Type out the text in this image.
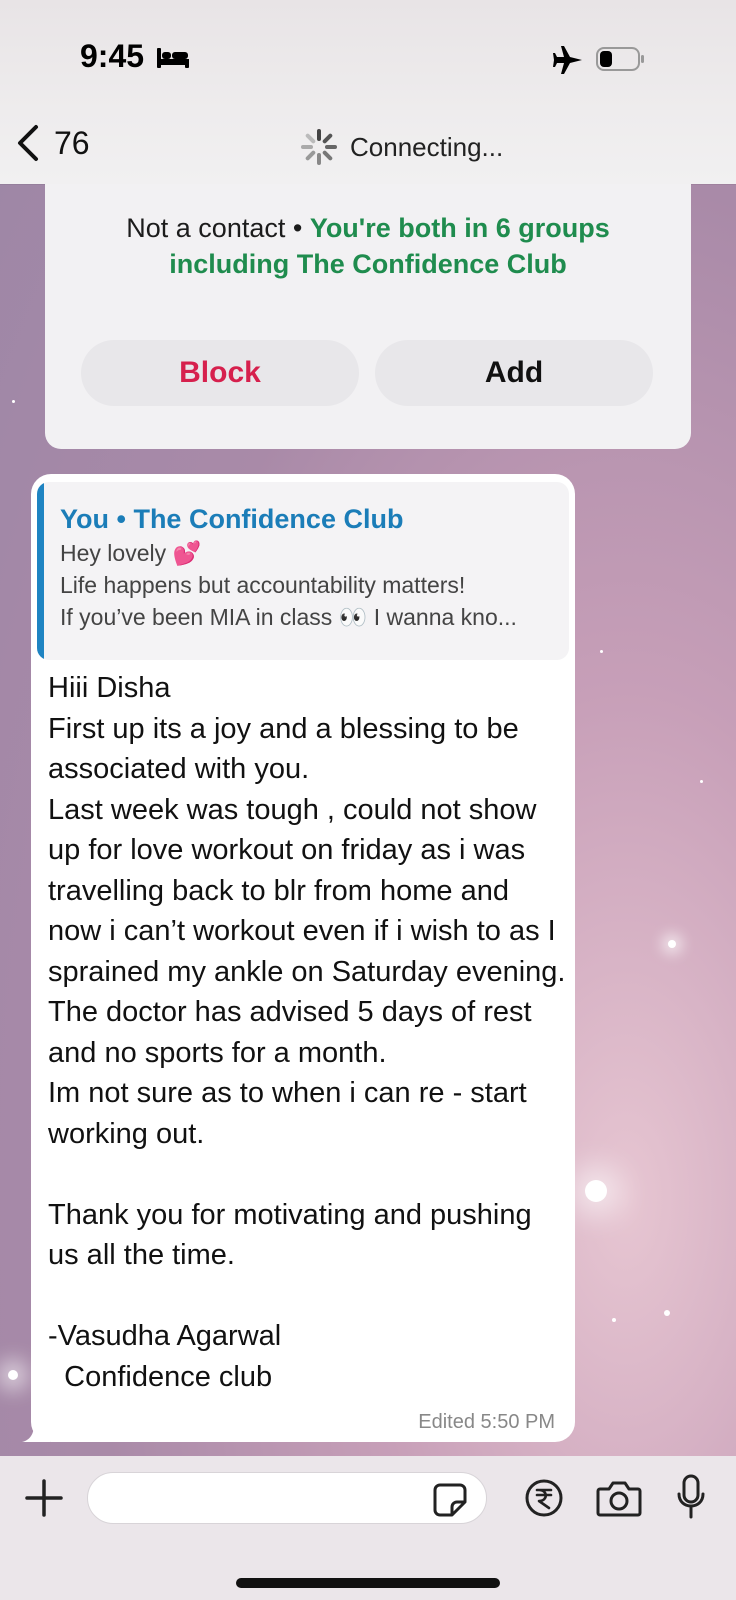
9:45
76	Connecting...
Not a contact • You're both in 6 groups including The Confidence Club
Block	Add
You • The Confidence Club
Hey lovely 💕
Life happens but accountability matters!
If you’ve been MIA in class 👀 I wanna kno...
Hiii Disha
First up its a joy and a blessing to be associated with you.
Last week was tough , could not show up for love workout on friday as i was travelling back to blr from home and now i can’t workout even if i wish to as I sprained my ankle on Saturday evening.
The doctor has advised 5 days of rest and no sports for a month.
Im not sure as to when i can re - start working out.

Thank you for motivating and pushing us all the time.

-Vasudha Agarwal
Confidence club
Edited 5:50 PM
